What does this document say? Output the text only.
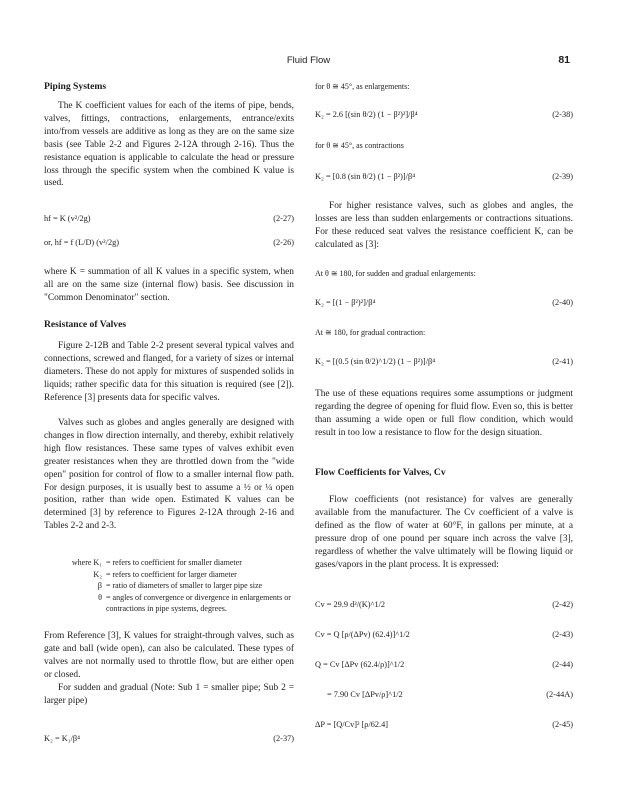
Fluid Flow	81
Piping Systems

The K coefficient values for each of the items of pipe, bends, valves, fittings, contractions, enlargements, entrance/exits into/from vessels are additive as long as they are on the same size basis (see Table 2-2 and Figures 2-12A through 2-16). Thus the resistance equation is applicable to calculate the head or pressure loss through the specific system when the combined K value is used.

hf = K (v²/2g)	(2-27)
or, hf = f (L/D) (v²/2g)	(2-26)

where K = summation of all K values in a specific system, when all are on the same size (internal flow) basis. See discussion in "Common Denominator" section.

Resistance of Valves

Figure 2-12B and Table 2-2 present several typical valves and connections, screwed and flanged, for a variety of sizes or internal diameters. These do not apply for mixtures of suspended solids in liquids; rather specific data for this situation is required (see [2]). Reference [3] presents data for specific valves.

Valves such as globes and angles generally are designed with changes in flow direction internally, and thereby, exhibit relatively high flow resistances. These same types of valves exhibit even greater resistances when they are throttled down from the "wide open" position for control of flow to a smaller internal flow path. For design purposes, it is usually best to assume a ½ or ¼ open position, rather than wide open. Estimated K values can be determined [3] by reference to Figures 2-12A through 2-16 and Tables 2-2 and 2-3.

where K₁ = refers to coefficient for smaller diameter
K₂ = refers to coefficient for larger diameter
β = ratio of diameters of smaller to larger pipe size
θ = angles of convergence or divergence in enlargements or contractions in pipe systems, degrees.

From Reference [3], K values for straight-through valves, such as gate and ball (wide open), can also be calculated. These types of valves are not normally used to throttle flow, but are either open or closed.

For sudden and gradual (Note: Sub 1 = smaller pipe; Sub 2 = larger pipe)

K₂ = K₁/β⁴	(2-37)
for θ ≅ 45°, as enlargements:
K₂ = 2.6 [(sin θ/2) (1 − β²)²]/β⁴	(2-38)
for θ ≅ 45°, as contractions
K₂ = [0.8 (sin θ/2) (1 − β²)]/β⁴	(2-39)

For higher resistance valves, such as globes and angles, the losses are less than sudden enlargements or contractions situations. For these reduced seat valves the resistance coefficient K, can be calculated as [3]:

At θ ≅ 180, for sudden and gradual enlargements:
K₂ = [(1 − β²)²]/β⁴	(2-40)
At ≅ 180, for gradual contraction:
K₂ = [(0.5 (sin θ/2)^1/2) (1 − β²)]/β⁴	(2-41)

The use of these equations requires some assumptions or judgment regarding the degree of opening for fluid flow. Even so, this is better than assuming a wide open or full flow condition, which would result in too low a resistance to flow for the design situation.

Flow Coefficients for Valves, Cv

Flow coefficients (not resistance) for valves are generally available from the manufacturer. The Cv coefficient of a valve is defined as the flow of water at 60°F, in gallons per minute, at a pressure drop of one pound per square inch across the valve [3], regardless of whether the valve ultimately will be flowing liquid or gases/vapors in the plant process. It is expressed:

Cv = 29.9 d²/(K)^1/2	(2-42)
Cv = Q [ρ/(ΔPv) (62.4)]^1/2	(2-43)
Q = Cv [ΔPv (62.4/ρ)]^1/2	(2-44)
= 7.90 Cv [ΔPv/ρ]^1/2	(2-44A)
ΔP = [Q/Cv]² [ρ/62.4]	(2-45)
